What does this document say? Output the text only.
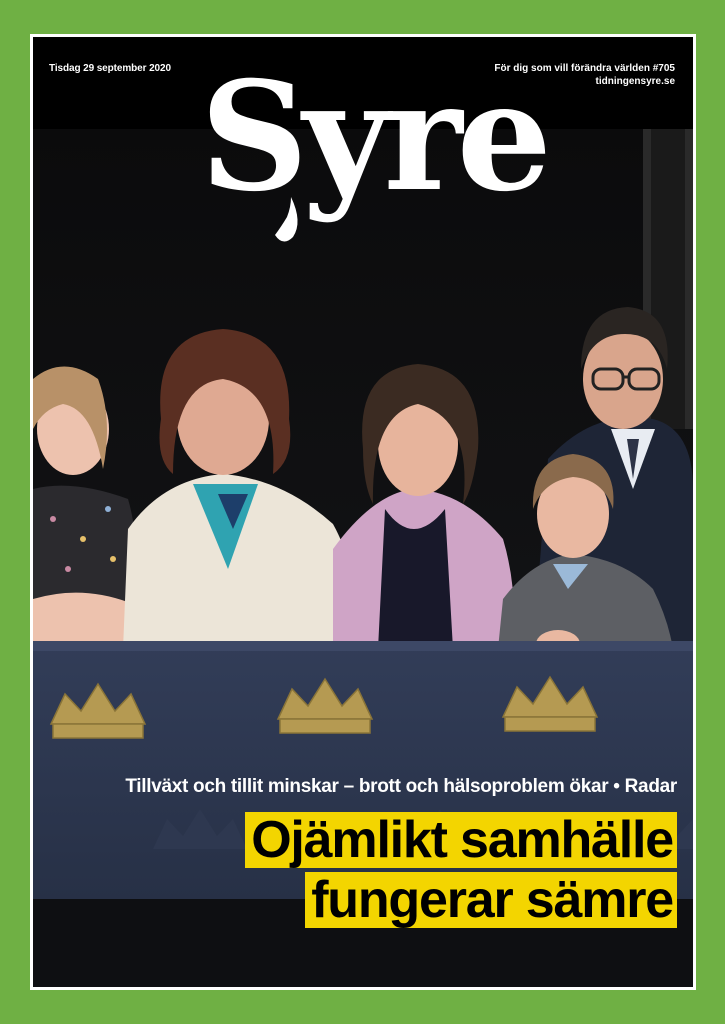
Tisdag 29 september 2020	För dig som vill förändra världen #705
tidningensyre.se
Syre
Tillväxt och tillit minskar – brott och hälsoproblem ökar • Radar
Ojämlikt samhälle
fungerar sämre
